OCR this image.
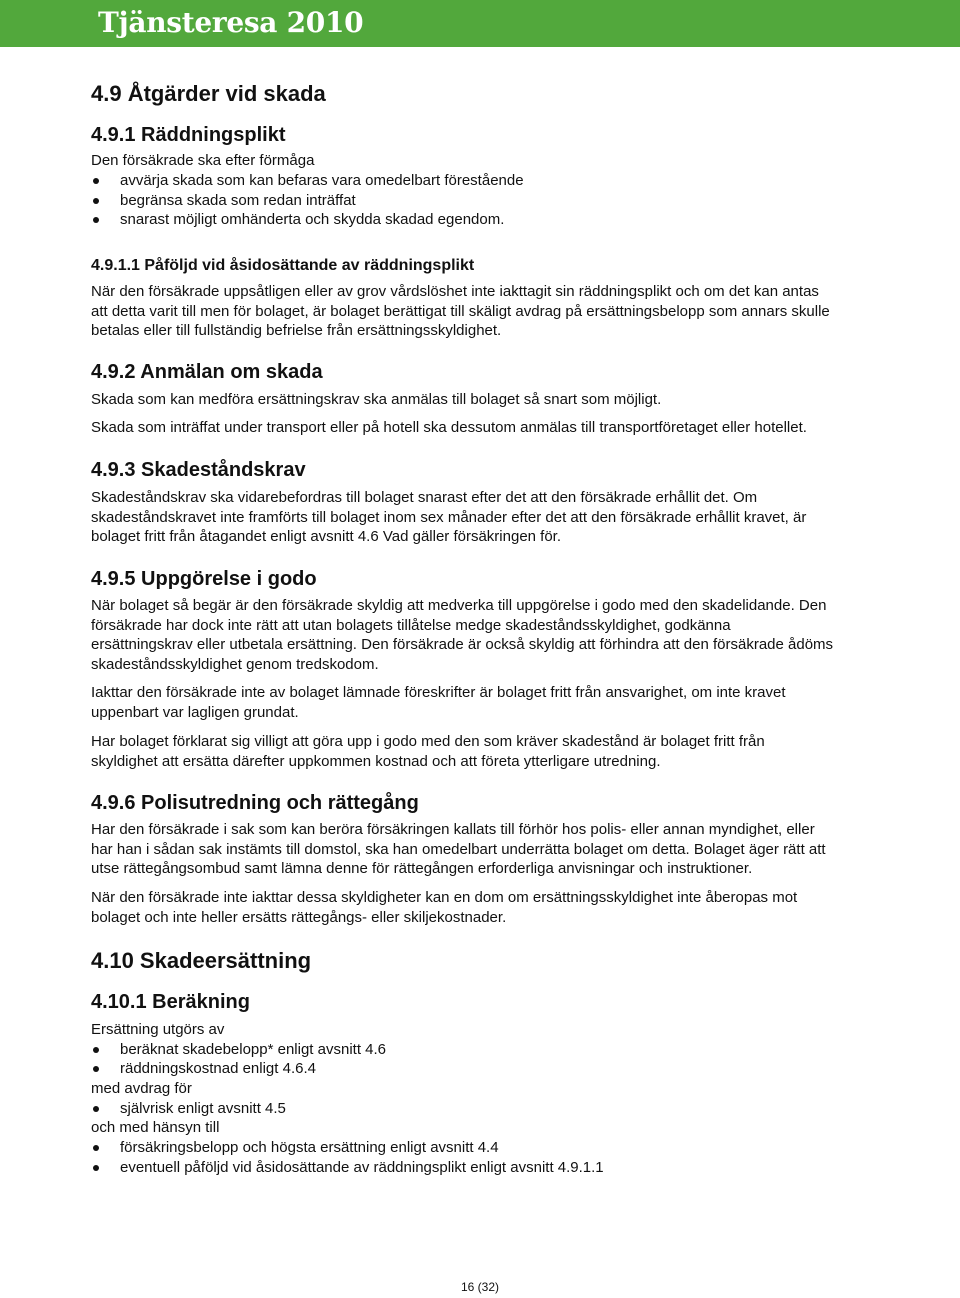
Tjänsteresa 2010
4.9 Åtgärder vid skada
4.9.1 Räddningsplikt
Den försäkrade ska efter förmåga
avvärja skada som kan befaras vara omedelbart förestående
begränsa skada som redan inträffat
snarast möjligt omhänderta och skydda skadad egendom.
4.9.1.1 Påföljd vid åsidosättande av räddningsplikt
När den försäkrade uppsåtligen eller av grov vårdslöshet inte iakttagit sin räddningsplikt och om det kan antas
att detta varit till men för bolaget, är bolaget berättigat till skäligt avdrag på ersättningsbelopp som annars skulle
betalas eller till fullständig befrielse från ersättningsskyldighet.
4.9.2 Anmälan om skada
Skada som kan medföra ersättningskrav ska anmälas till bolaget så snart som möjligt.
Skada som inträffat under transport eller på hotell ska dessutom anmälas till transportföretaget eller hotellet.
4.9.3 Skadeståndskrav
Skadeståndskrav ska vidarebefordras till bolaget snarast efter det att den försäkrade erhållit det. Om
skadeståndskravet inte framförts till bolaget inom sex månader efter det att den försäkrade erhållit kravet, är
bolaget fritt från åtagandet enligt avsnitt 4.6 Vad gäller försäkringen för.
4.9.5 Uppgörelse i godo
När bolaget så begär är den försäkrade skyldig att medverka till uppgörelse i godo med den skadelidande. Den
försäkrade har dock inte rätt att utan bolagets tillåtelse medge skadeståndsskyldighet, godkänna
ersättningskrav eller utbetala ersättning. Den försäkrade är också skyldig att förhindra att den försäkrade ådöms
skadeståndsskyldighet genom tredskodom.
Iakttar den försäkrade inte av bolaget lämnade föreskrifter är bolaget fritt från ansvarighet, om inte kravet
uppenbart var lagligen grundat.
Har bolaget förklarat sig villigt att göra upp i godo med den som kräver skadestånd är bolaget fritt från
skyldighet att ersätta därefter uppkommen kostnad och att företa ytterligare utredning.
4.9.6 Polisutredning och rättegång
Har den försäkrade i sak som kan beröra försäkringen kallats till förhör hos polis- eller annan myndighet, eller
har han i sådan sak instämts till domstol, ska han omedelbart underrätta bolaget om detta. Bolaget äger rätt att
utse rättegångsombud samt lämna denne för rättegången erforderliga anvisningar och instruktioner.
När den försäkrade inte iakttar dessa skyldigheter kan en dom om ersättningsskyldighet inte åberopas mot
bolaget och inte heller ersätts rättegångs- eller skiljekostnader.
4.10 Skadeersättning
4.10.1 Beräkning
Ersättning utgörs av
beräknat skadebelopp* enligt avsnitt 4.6
räddningskostnad enligt 4.6.4
med avdrag för
självrisk enligt avsnitt 4.5
och med hänsyn till
försäkringsbelopp och högsta ersättning enligt avsnitt 4.4
eventuell påföljd vid åsidosättande av räddningsplikt enligt avsnitt 4.9.1.1
16 (32)
